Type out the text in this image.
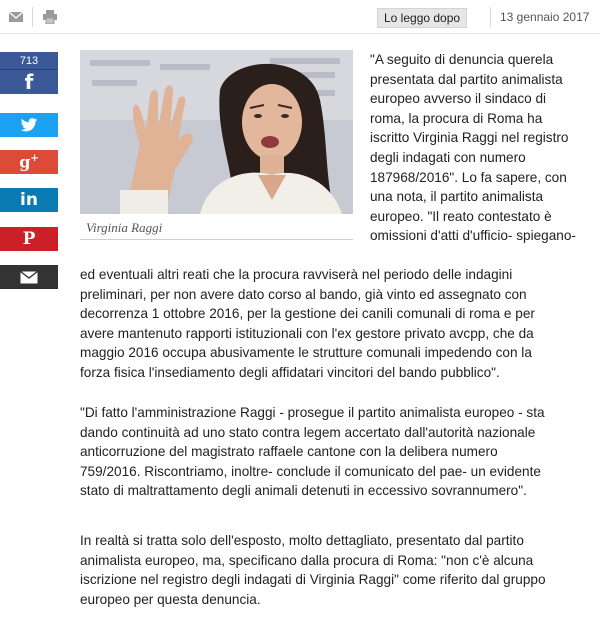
Lo leggo dopo	13 gennaio 2017
713
f
g+
in
P
Virginia Raggi
"A seguito di denuncia querela
presentata dal partito animalista
europeo avverso il sindaco di
roma, la procura di Roma ha
iscritto Virginia Raggi nel registro
degli indagati con numero
187968/2016". Lo fa sapere, con
una nota, il partito animalista
europeo. "Il reato contestato è
omissioni d'atti d'ufficio- spiegano-
ed eventuali altri reati che la procura ravviserà nel periodo delle indagini
preliminari, per non avere dato corso al bando, già vinto ed assegnato con
decorrenza 1 ottobre 2016, per la gestione dei canili comunali di roma e per
avere mantenuto rapporti istituzionali con l'ex gestore privato avcpp, che da
maggio 2016 occupa abusivamente le strutture comunali impedendo con la
forza fisica l'insediamento degli affidatari vincitori del bando pubblico".
"Di fatto l'amministrazione Raggi - prosegue il partito animalista europeo - sta
dando continuità ad uno stato contra legem accertato dall'autorità nazionale
anticorruzione del magistrato raffaele cantone con la delibera numero
759/2016. Riscontriamo, inoltre- conclude il comunicato del pae- un evidente
stato di maltrattamento degli animali detenuti in eccessivo sovrannumero".
In realtà si tratta solo dell'esposto, molto dettagliato, presentato dal partito
animalista europeo, ma, specificano dalla procura di Roma: "non c'è alcuna
iscrizione nel registro degli indagati di Virginia Raggi" come riferito dal gruppo
europeo per questa denuncia.
